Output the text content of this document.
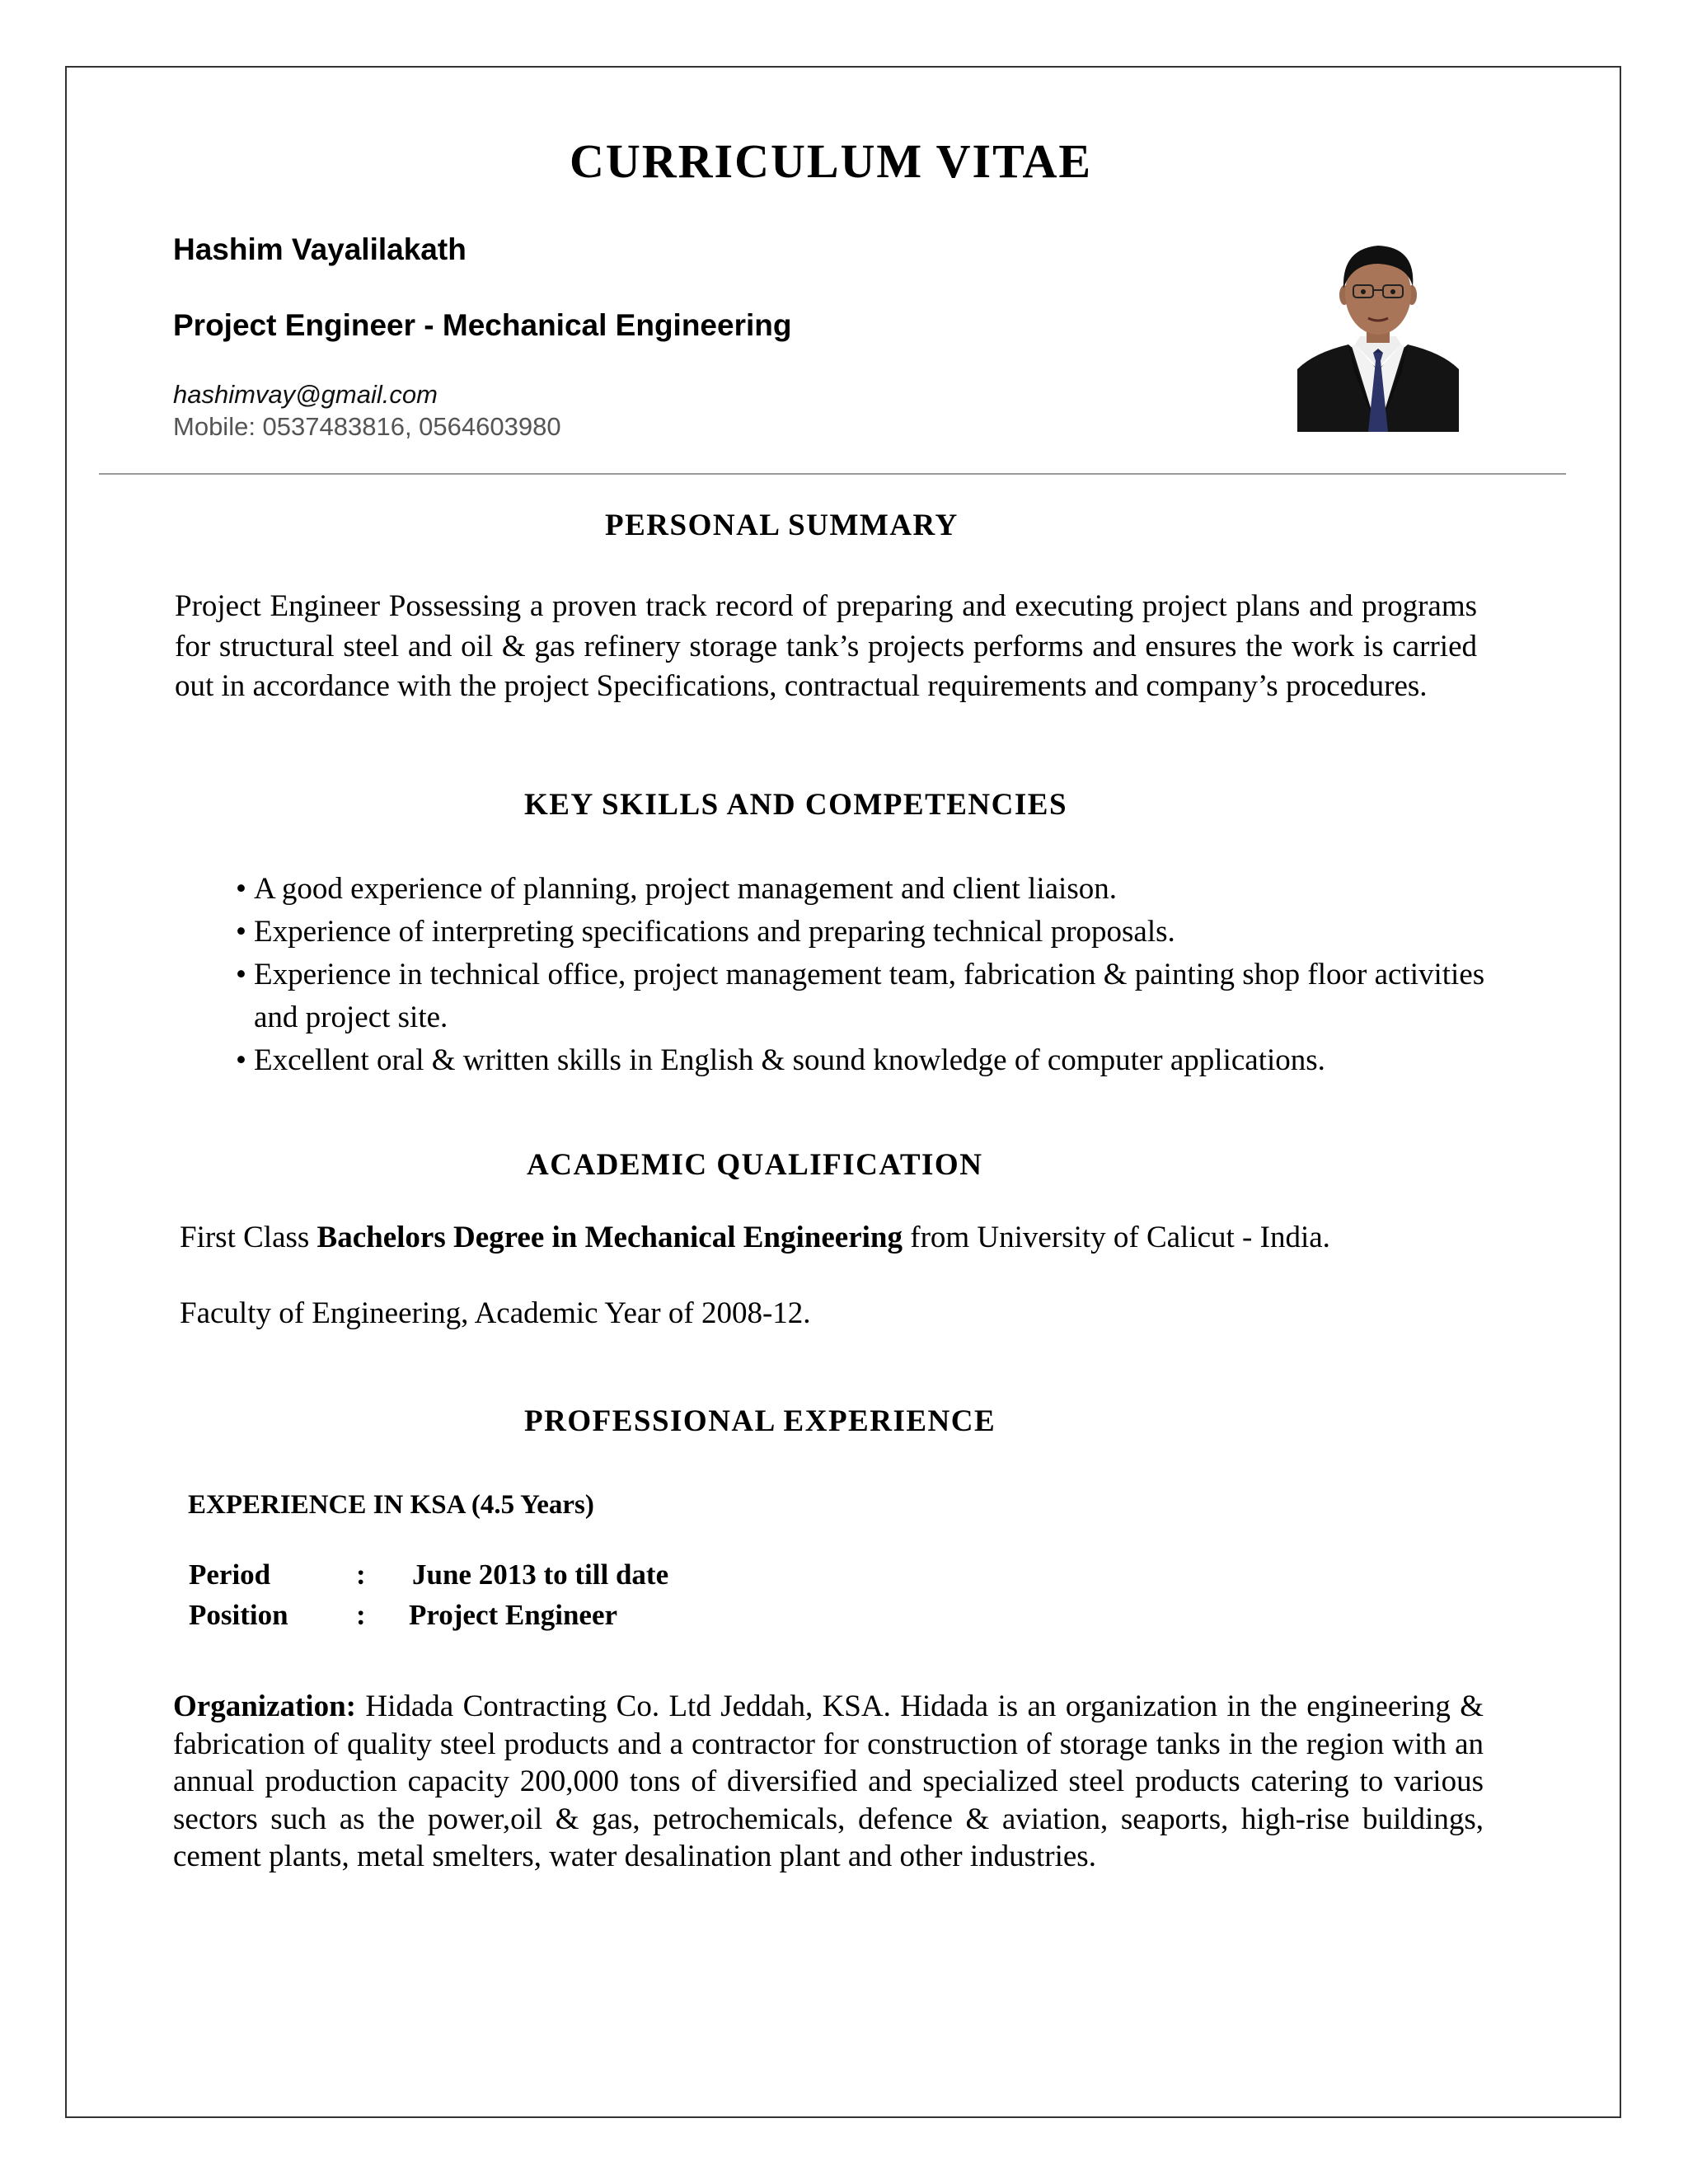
CURRICULUM VITAE
Hashim Vayalilakath
Project Engineer - Mechanical Engineering
hashimvay@gmail.com
Mobile: 0537483816, 0564603980
PERSONAL SUMMARY
Project Engineer Possessing a proven track record of preparing and executing project plans and programs for structural steel and oil & gas refinery storage tank’s projects performs and ensures the work is carried out in accordance with the project Specifications, contractual requirements and company’s procedures.
KEY SKILLS AND COMPETENCIES
• A good experience of planning, project management and client liaison.
• Experience of interpreting specifications and preparing technical proposals.
• Experience in technical office, project management team, fabrication & painting shop floor activities and project site.
• Excellent oral & written skills in English & sound knowledge of computer applications.
ACADEMIC QUALIFICATION
First Class Bachelors Degree in Mechanical Engineering from University of Calicut - India.
Faculty of Engineering, Academic Year of 2008-12.
PROFESSIONAL EXPERIENCE
EXPERIENCE IN KSA (4.5 Years)
Period	: June 2013 to till date
Position : Project Engineer
Organization: Hidada Contracting Co. Ltd Jeddah, KSA. Hidada is an organization in the engineering & fabrication of quality steel products and a contractor for construction of storage tanks in the region with an annual production capacity 200,000 tons of diversified and specialized steel products catering to various sectors such as the power,oil & gas, petrochemicals, defence & aviation, seaports, high-rise buildings, cement plants, metal smelters, water desalination plant and other industries.
